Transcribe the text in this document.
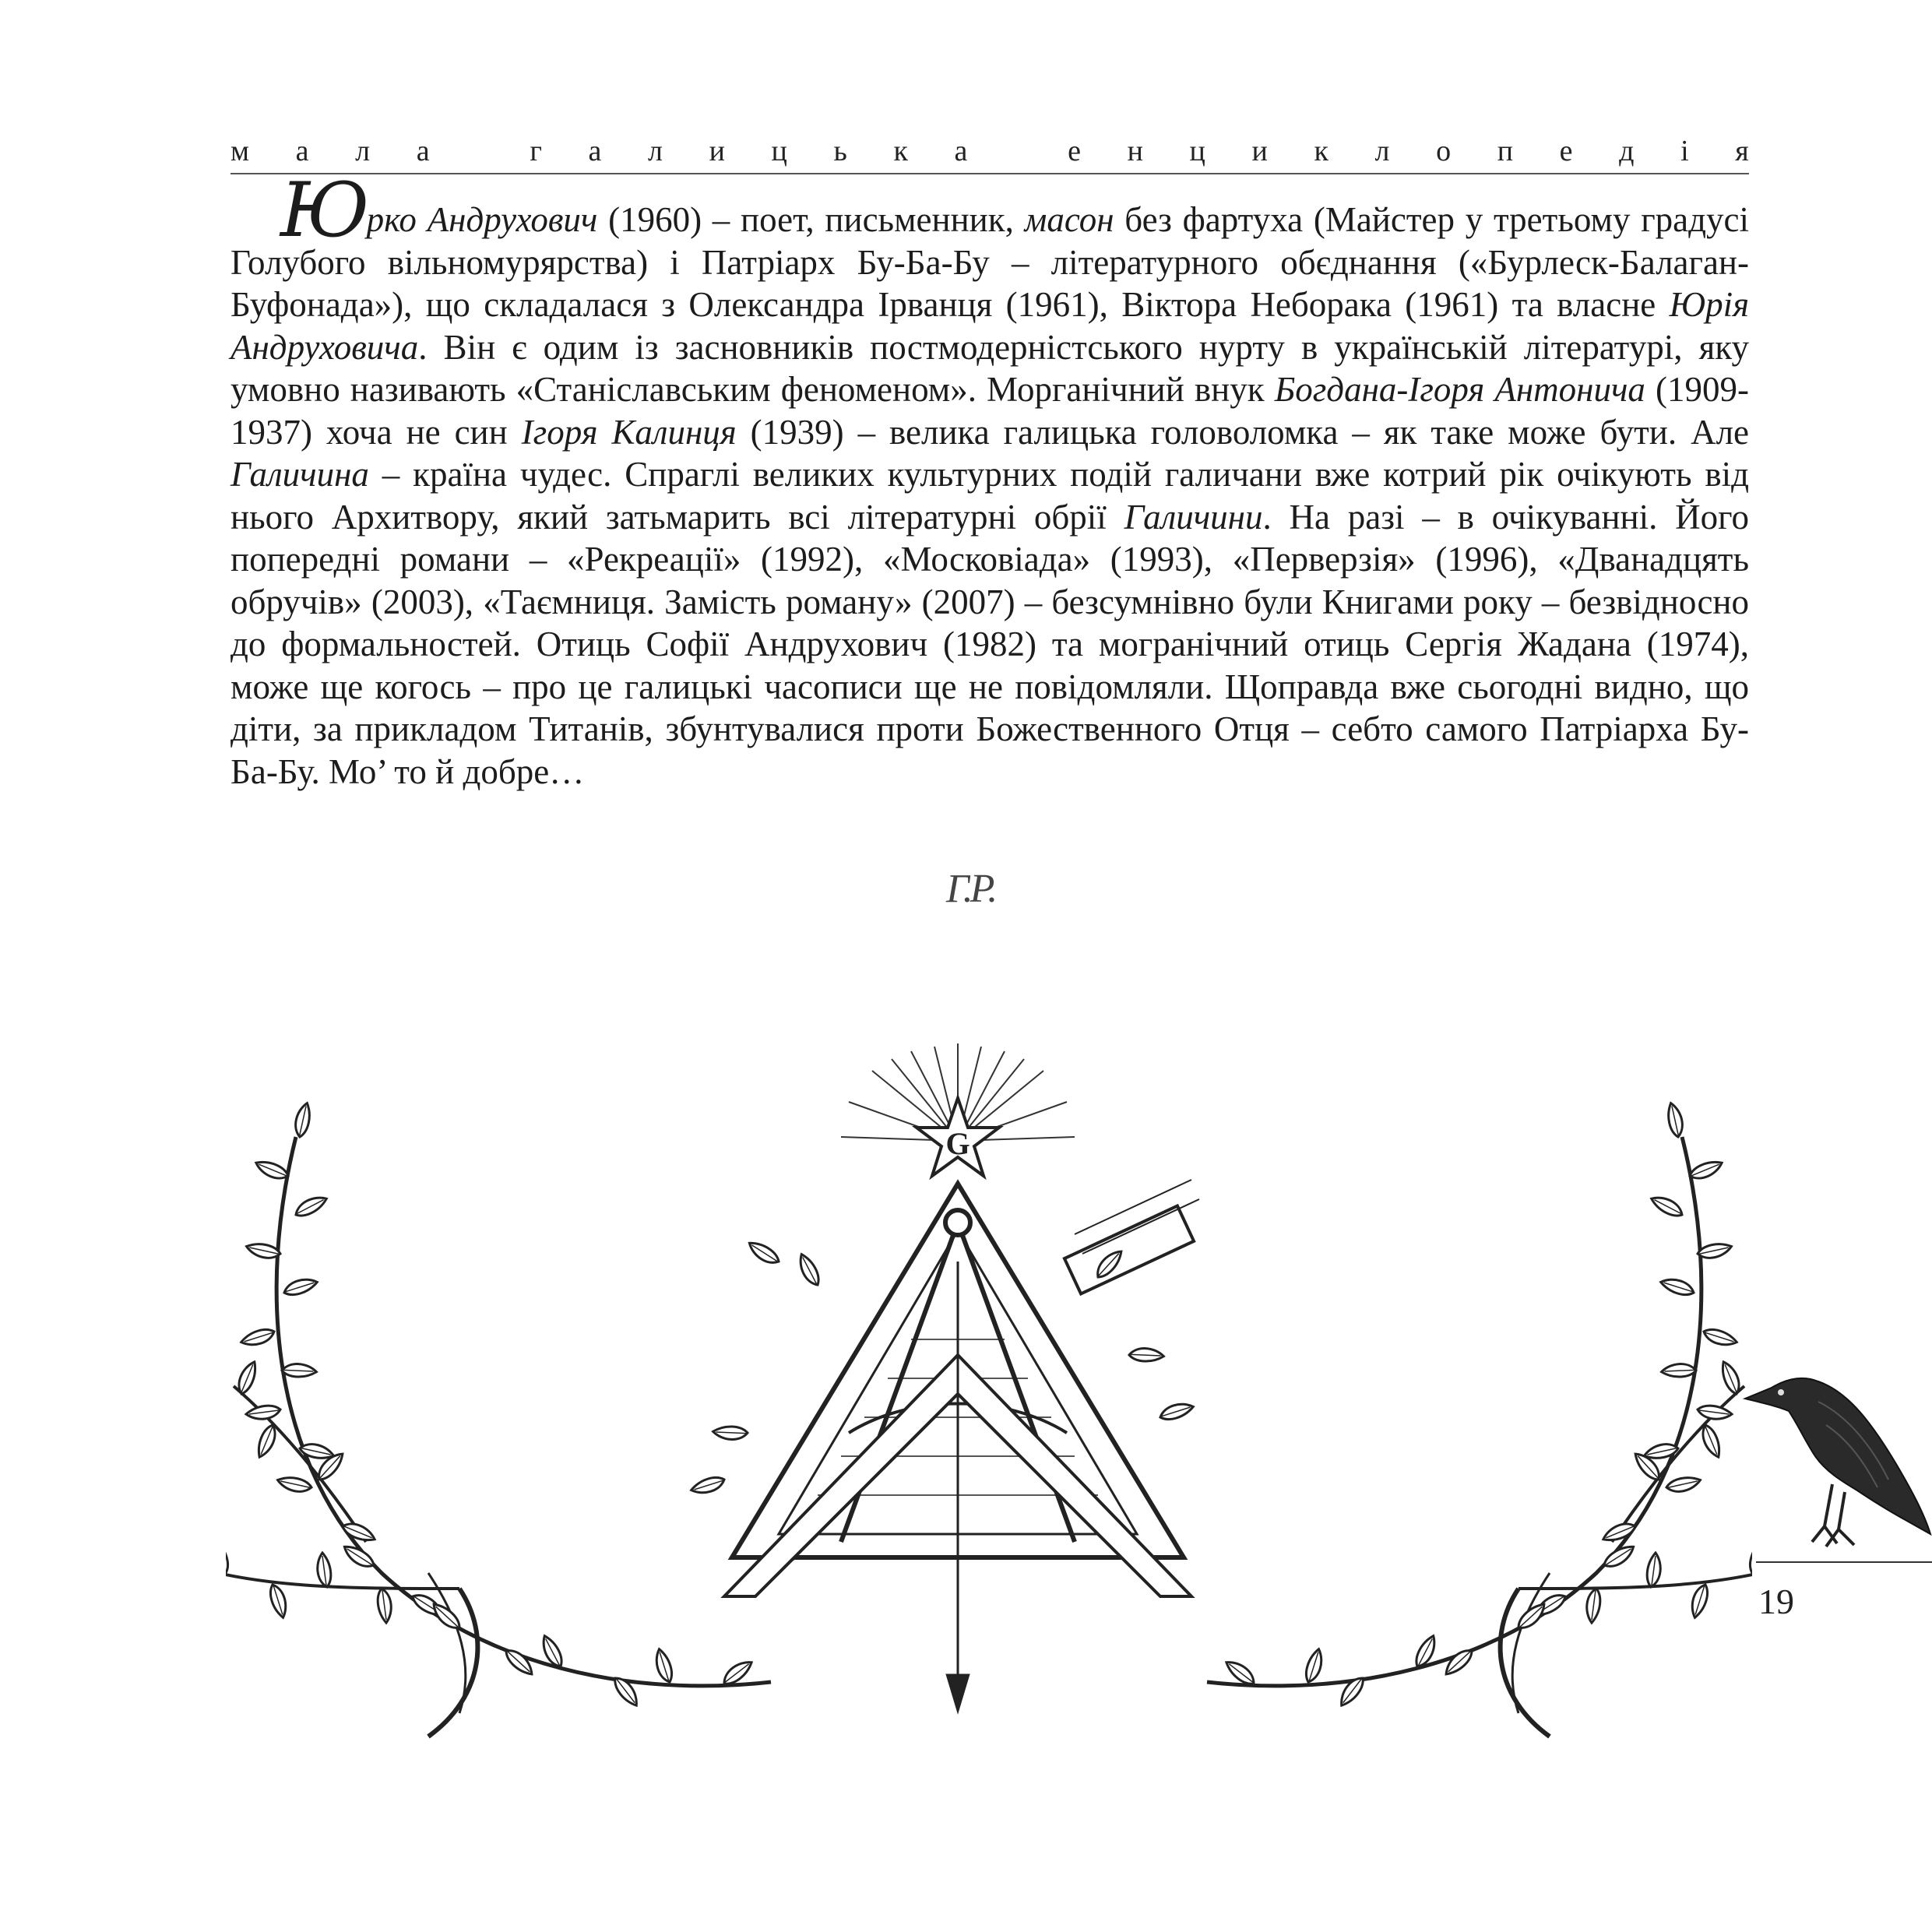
м а л а
	г а л и ц ь к а
	е н ц и к л о п е д і я

Юрко Андрухович (1960) – поет, письменник, масон без фартуха (Майстер у третьому градусі Голубого вільномурярства) і Патріарх Бу-Ба-Бу – літературного обєднання («Бурлеск-Балаган-Буфонада»), що складалася з Олександра Ірванця (1961), Віктора Неборака (1961) та власне Юрія Андруховича. Він є одим із засновників постмодерністського нурту в українській літературі, яку умовно називають «Станіславським феноменом». Морганічний внук Богдана-Ігоря Антонича (1909-1937) хоча не син Ігоря Калинця (1939) – велика галицька головоломка – як таке може бути. Але Галичина – країна чудес. Спраглі великих культурних подій галичани вже котрий рік очікують від нього Архитвору, який затьмарить всі літературні обрії Галичини. На разі – в очікуванні. Його попередні романи – «Рекреації» (1992), «Московіада» (1993), «Перверзія» (1996), «Дванадцять обручів» (2003), «Таємниця. Замість роману» (2007) – безсумнівно були Книгами року – безвідносно до формальностей. Отиць Софії Андрухович (1982) та могранічний отиць Сергія Жадана (1974), може ще когось – про це галицькі часописи ще не повідомляли. Щоправда вже сьогодні видно, що діти, за прикладом Титанів, збунтувалися проти Божественного Отця – себто самого Патріарха Бу-Ба-Бу. Мо’ то й добре…

Г.Р.
G
19
